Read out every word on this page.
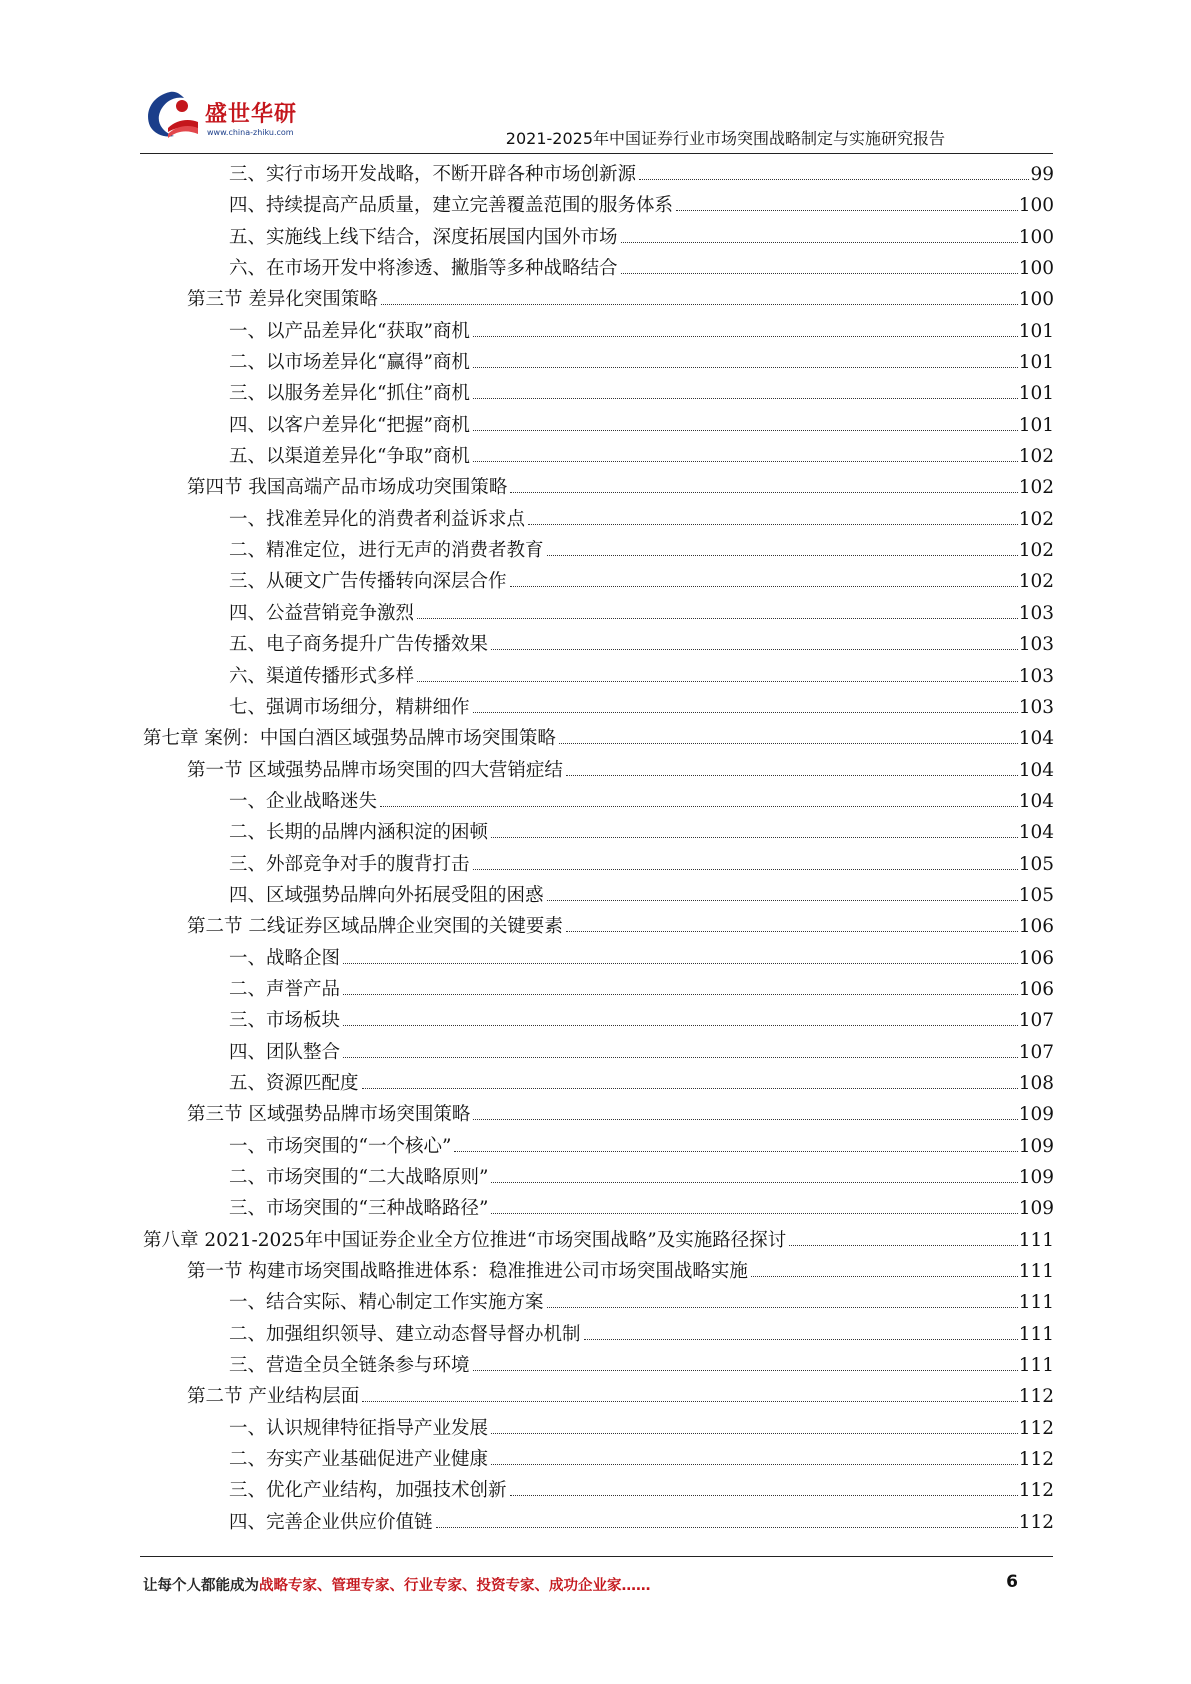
盛世华研
www.china-zhiku.com	2021-2025年中国证券行业市场突围战略制定与实施研究报告
三、实行市场开发战略，不断开辟各种市场创新源	99
四、持续提高产品质量，建立完善覆盖范围的服务体系	100
五、实施线上线下结合，深度拓展国内国外市场	100
六、在市场开发中将渗透、撇脂等多种战略结合	100
第三节 差异化突围策略	100
一、以产品差异化“获取”商机	101
二、以市场差异化“赢得”商机	101
三、以服务差异化“抓住”商机	101
四、以客户差异化“把握”商机	101
五、以渠道差异化“争取”商机	102
第四节 我国高端产品市场成功突围策略	102
一、找准差异化的消费者利益诉求点	102
二、精准定位，进行无声的消费者教育	102
三、从硬文广告传播转向深层合作	102
四、公益营销竞争激烈	103
五、电子商务提升广告传播效果	103
六、渠道传播形式多样	103
七、强调市场细分，精耕细作	103
第七章 案例：中国白酒区域强势品牌市场突围策略	104
第一节 区域强势品牌市场突围的四大营销症结	104
一、企业战略迷失	104
二、长期的品牌内涵积淀的困顿	104
三、外部竞争对手的腹背打击	105
四、区域强势品牌向外拓展受阻的困惑	105
第二节 二线证券区域品牌企业突围的关键要素	106
一、战略企图	106
二、声誉产品	106
三、市场板块	107
四、团队整合	107
五、资源匹配度	108
第三节 区域强势品牌市场突围策略	109
一、市场突围的“一个核心”	109
二、市场突围的“二大战略原则”	109
三、市场突围的“三种战略路径”	109
第八章 2021-2025年中国证券企业全方位推进“市场突围战略”及实施路径探讨	111
第一节 构建市场突围战略推进体系：稳准推进公司市场突围战略实施	111
一、结合实际、精心制定工作实施方案	111
二、加强组织领导、建立动态督导督办机制	111
三、营造全员全链条参与环境	111
第二节 产业结构层面	112
一、认识规律特征指导产业发展	112
二、夯实产业基础促进产业健康	112
三、优化产业结构，加强技术创新	112
四、完善企业供应价值链	112
让每个人都能成为战略专家、管理专家、行业专家、投资专家、成功企业家……	6
